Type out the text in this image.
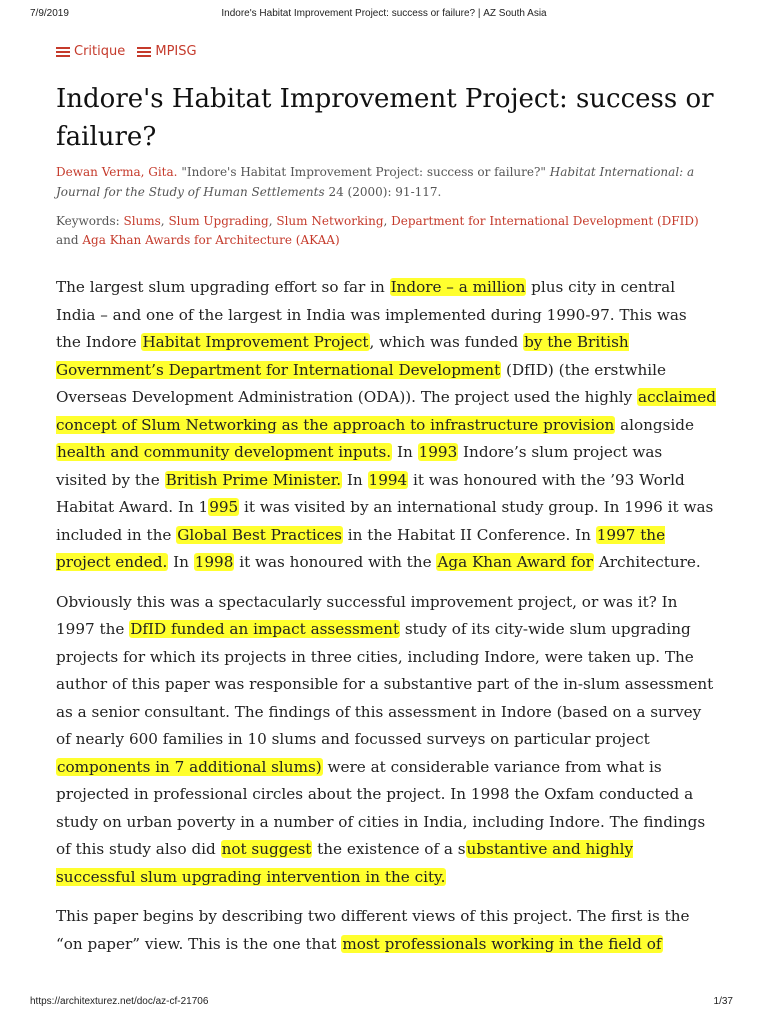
7/9/2019	Indore's Habitat Improvement Project: success or failure? | ΑΖ South Asia
Critique
MPISG
Indore's Habitat Improvement Project: success or failure?
Dewan Verma, Gita. "Indore's Habitat Improvement Project: success or failure?" Habitat International: a Journal for the Study of Human Settlements 24 (2000): 91-117.
Keywords: Slums, Slum Upgrading, Slum Networking, Department for International Development (DFID) and Aga Khan Awards for Architecture (AKAA)

The largest slum upgrading effort so far in Indore – a million plus city in central India – and one of the largest in India was implemented during 1990-97. This was the Indore Habitat Improvement Project, which was funded by the British Government’s Department for International Development (DfID) (the erstwhile Overseas Development Administration (ODA)). The project used the highly acclaimed concept of Slum Networking as the approach to infrastructure provision alongside health and community development inputs. In 1993 Indore’s slum project was visited by the British Prime Minister. In 1994 it was honoured with the ’93 World Habitat Award. In 1995 it was visited by an international study group. In 1996 it was included in the Global Best Practices in the Habitat II Conference. In 1997 the project ended. In 1998 it was honoured with the Aga Khan Award for Architecture.

Obviously this was a spectacularly successful improvement project, or was it? In 1997 the DfID funded an impact assessment study of its city-wide slum upgrading projects for which its projects in three cities, including Indore, were taken up. The author of this paper was responsible for a substantive part of the in-slum assessment as a senior consultant. The findings of this assessment in Indore (based on a survey of nearly 600 families in 10 slums and focussed surveys on particular project components in 7 additional slums) were at considerable variance from what is projected in professional circles about the project. In 1998 the Oxfam conducted a study on urban poverty in a number of cities in India, including Indore. The findings of this study also did not suggest the existence of a substantive and highly successful slum upgrading intervention in the city.

This paper begins by describing two different views of this project. The first is the “on paper” view. This is the one that most professionals working in the field of

https://architexturez.net/doc/az-cf-21706	1/37
